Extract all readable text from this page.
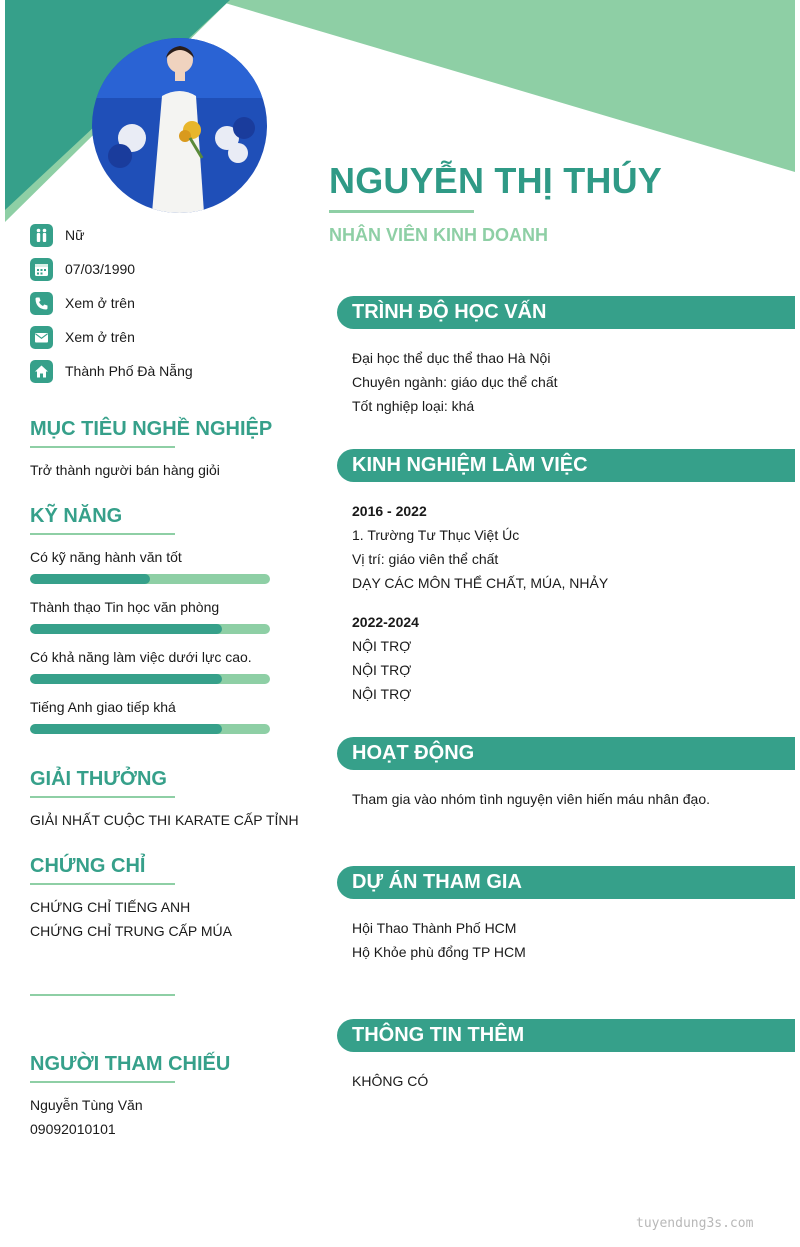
NGUYỄN THỊ THÚY
NHÂN VIÊN KINH DOANH
Nữ
07/03/1990
Xem ở trên
Xem ở trên
Thành Phố Đà Nẵng
MỤC TIÊU NGHỀ NGHIỆP
Trở thành người bán hàng giỏi
KỸ NĂNG
Có kỹ năng hành văn tốt
Thành thạo Tin học văn phòng
Có khả năng làm việc dưới lực cao.
Tiếng Anh giao tiếp khá
GIẢI THƯỞNG
GIẢI NHẤT CUỘC THI KARATE CẤP TỈNH
CHỨNG CHỈ
CHỨNG CHỈ TIẾNG ANH
CHỨNG CHỈ TRUNG CẤP MÚA
NGƯỜI THAM CHIẾU
Nguyễn Tùng Văn
09092010101
TRÌNH ĐỘ HỌC VẤN
Đại học thể dục thể thao Hà Nội
Chuyên ngành: giáo dục thể chất
Tốt nghiệp loại: khá
KINH NGHIỆM LÀM VIỆC
2016 - 2022
1. Trường Tư Thục Việt Úc
Vị trí: giáo viên thể chất
DẠY CÁC MÔN THỂ CHẤT, MÚA, NHẢY
2022-2024
NỘI TRỢ
NỘI TRỢ
NỘI TRỢ
HOẠT ĐỘNG
Tham gia vào nhóm tình nguyện viên hiến máu nhân đạo.
DỰ ÁN THAM GIA
Hội Thao Thành Phố HCM
Hộ Khỏe phù đổng TP HCM
THÔNG TIN THÊM
KHÔNG CÓ
tuyendung3s.com
